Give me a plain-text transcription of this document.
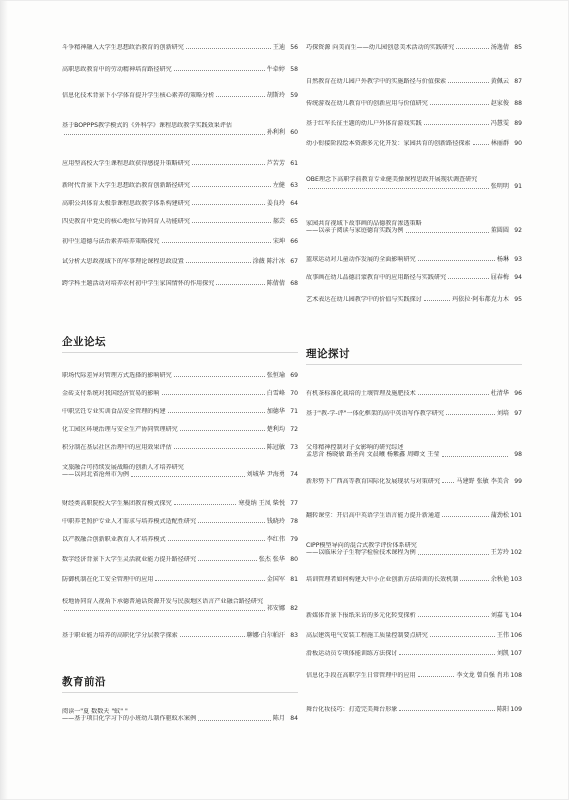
斗争精神融入大学生思想政治教育的创新研究	王迪 56
高职思政教育中的劳动精神培育路径研究	牛牵婷 58
信息化技术背景下小学体育提升学生核心素养的策略分析	胡斯玲 59
基于BOPPPS教学模式的《外科学》课程思政教学实践效果评估
孙利利 60
应用型高校大学生课程思政获得感提升策略研究	芦苦芳 61
新时代背景下大学生思想政治教育创新路径研究	左健 63
高职公共体育太极拳课程思政教学体系构建研究	姜良玲 64
四史教育中党史的核心地位与协同育人功能研究	郝芸 65
初中生道德与法治素养培养策略探究	宋坤 66
试分析大思政视域下的军事理论课程思政设置	涂薇 陈汁冰 67
跨学科主题活动对培养农村初中学生家国情怀的作用探究	陈倩倩 68
企业论坛
职场代际差异对管理方式选择的影响研究	张恒瑜 69
金砖支付系统对我国经济贸易的影响	白雪峰 70
中职烹饪专业实训食品安全管理的构建	加德华 71
化工园区环境治理与安全生产协同管理研究	楚利均 72
积分制在基层社区治理中的应用效果评估	陈冠敏 73
文旅融合可持续发展战略的创新人才培养研究
——以河北省沧州市为例	刘城华 尹海勇 74
财经类高职院校大学生集团教育模式探究	寒曼纳 王凤 柴悦 77
中职养老照护专业人才需求与培养模式适配性研究	钱晓玲 78
以产教融合创新职业教育人才培养模式	李红伟 79
数字经济背景下大学生灵活就业能力提升路径研究	张杰 张华 80
防御机制在化工安全管理中的应用	金国军 81
校地协同育人视角下承德普通话资源开发与民族地区语言产业融合路径研究
祁安娜 82
基于职业能力培养的高职化学分层教学探索	聊娜·白尔帕汗 83
教育前沿
阅读一"夏 数数天 "蚊" "
——基于项目化学习下的小班幼儿制作驱蚊水案例	陈月 84
巧探资源 向美而生——幼儿园创意美术活动的实践研究	汤逸倩 85
自然教育在幼儿园户外教学中的实施路径与价值探索	黄佩云 87
传统游戏在幼儿教育中的创新应用与价值研究	赵家俊 88
基于红军长征主题的幼儿户外体育游戏实践	冯慧雯 89
幼小衔接阶段绘本资源多元化开发：家园共育的创新路径探索	林丽群 90
OBE理念下高职学前教育专业健美操课程思政开展现状调查研究
张明明 91
家园共育视域下故事画的品德教育渗透策略
——以亲子阅读与家庭德育实践为例	董圆圆 92
篮球运动对儿童动作发展的全面影响研究	杨琳 93
故事画在幼儿品德启蒙教育中的应用路径与实践研究	屈春梅 94
艺术表达在幼儿园教学中的价值与实践探讨	玛依拉·阿布都克力木 95
理论探讨
有机茶标准化栽培的土壤管理及施肥技术	杜清华 96
基于"教-学-评"一体化框架的高中英语写作教学研究	刘培 97
父母精神控制对子女影响的研究综述
孟思含 杨晓敏 路圣尚 文晨曦 杨紫鑫 周卿文 王莹	98
新形势下广西高等教育国际化发展现状与对策研究	马建野 张敏 李美含 99
翻转课堂：开启高中英语学生语言能力提升新通道	蒲劲松 101
CIPP模型导向的混合式教学评价体系研究
——以临床分子生物学检验技术课程为例	王芳玲 102
培训管理者如何构建大中小企业创新方法培训的长效机制	余秋艳 103
新媒体背景下报纸采访的多元化转变探析	刘嘉飞 104
高层建筑电气安装工程施工质量控制要点研究	王伟 106
滑板运动员专项体能训练方法探讨	刘凯 107
信息化手段在高职学生日常管理中的应用	李文龙 曾自强 肖玮 108
舞台化妆技巧：打造完美舞台形象	陈阳 109
